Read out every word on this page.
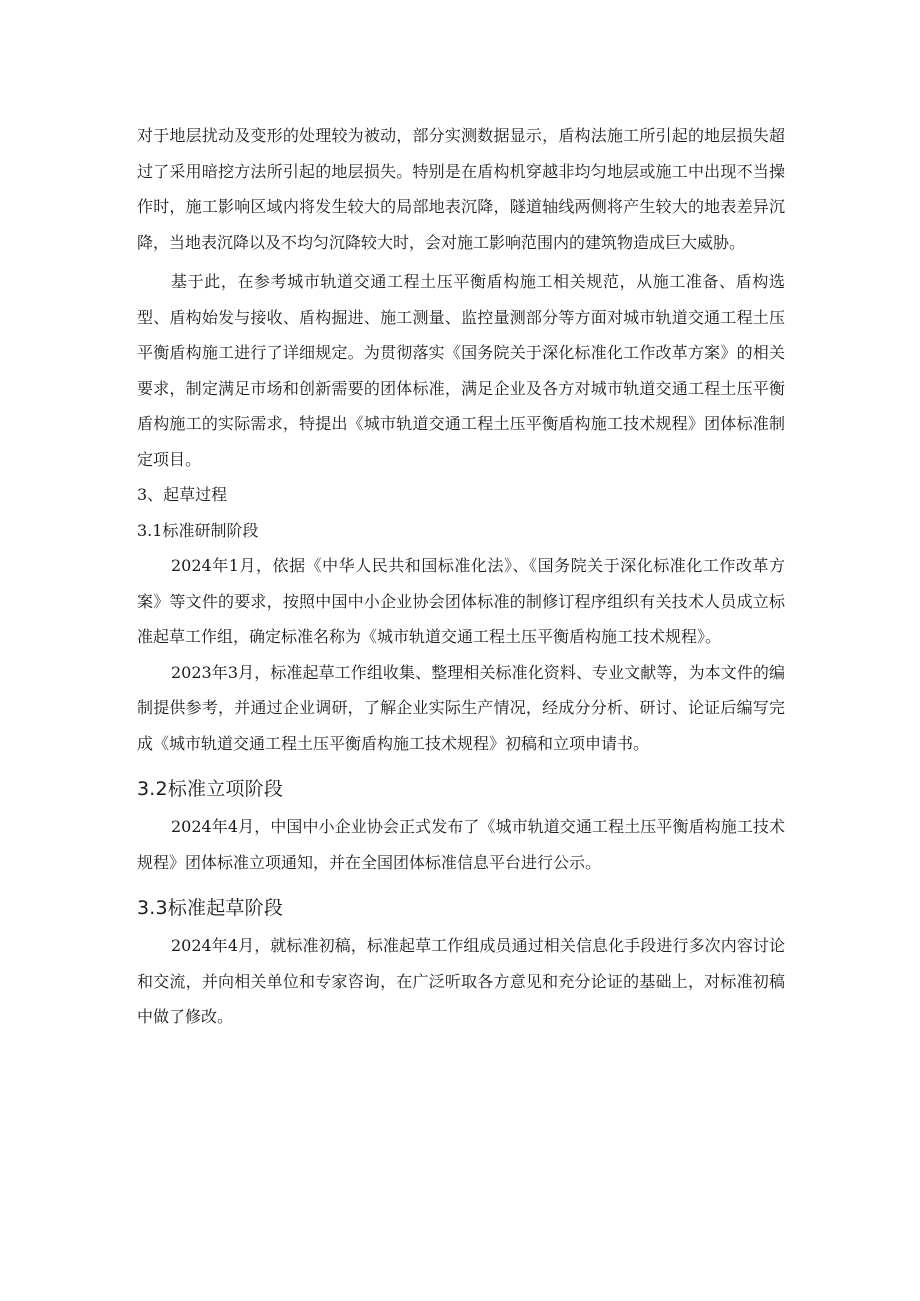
对于地层扰动及变形的处理较为被动，部分实测数据显示，盾构法施工所引起的地层损失超过了采用暗挖方法所引起的地层损失。特别是在盾构机穿越非均匀地层或施工中出现不当操作时，施工影响区域内将发生较大的局部地表沉降，隧道轴线两侧将产生较大的地表差异沉降，当地表沉降以及不均匀沉降较大时，会对施工影响范围内的建筑物造成巨大威胁。

基于此，在参考城市轨道交通工程土压平衡盾构施工相关规范，从施工准备、盾构选型、盾构始发与接收、盾构掘进、施工测量、监控量测部分等方面对城市轨道交通工程土压平衡盾构施工进行了详细规定。为贯彻落实《国务院关于深化标准化工作改革方案》的相关要求，制定满足市场和创新需要的团体标准，满足企业及各方对城市轨道交通工程土压平衡盾构施工的实际需求，特提出《城市轨道交通工程土压平衡盾构施工技术规程》团体标准制定项目。

3、起草过程

3.1标准研制阶段

2024年1月，依据《中华人民共和国标准化法》、《国务院关于深化标准化工作改革方案》等文件的要求，按照中国中小企业协会团体标准的制修订程序组织有关技术人员成立标准起草工作组，确定标准名称为《城市轨道交通工程土压平衡盾构施工技术规程》。

2023年3月，标准起草工作组收集、整理相关标准化资料、专业文献等，为本文件的编制提供参考，并通过企业调研，了解企业实际生产情况，经成分分析、研讨、论证后编写完成《城市轨道交通工程土压平衡盾构施工技术规程》初稿和立项申请书。

3.2标准立项阶段

2024年4月，中国中小企业协会正式发布了《城市轨道交通工程土压平衡盾构施工技术规程》团体标准立项通知，并在全国团体标准信息平台进行公示。

3.3标准起草阶段

2024年4月，就标准初稿，标准起草工作组成员通过相关信息化手段进行多次内容讨论和交流，并向相关单位和专家咨询，在广泛听取各方意见和充分论证的基础上，对标准初稿中做了修改。
